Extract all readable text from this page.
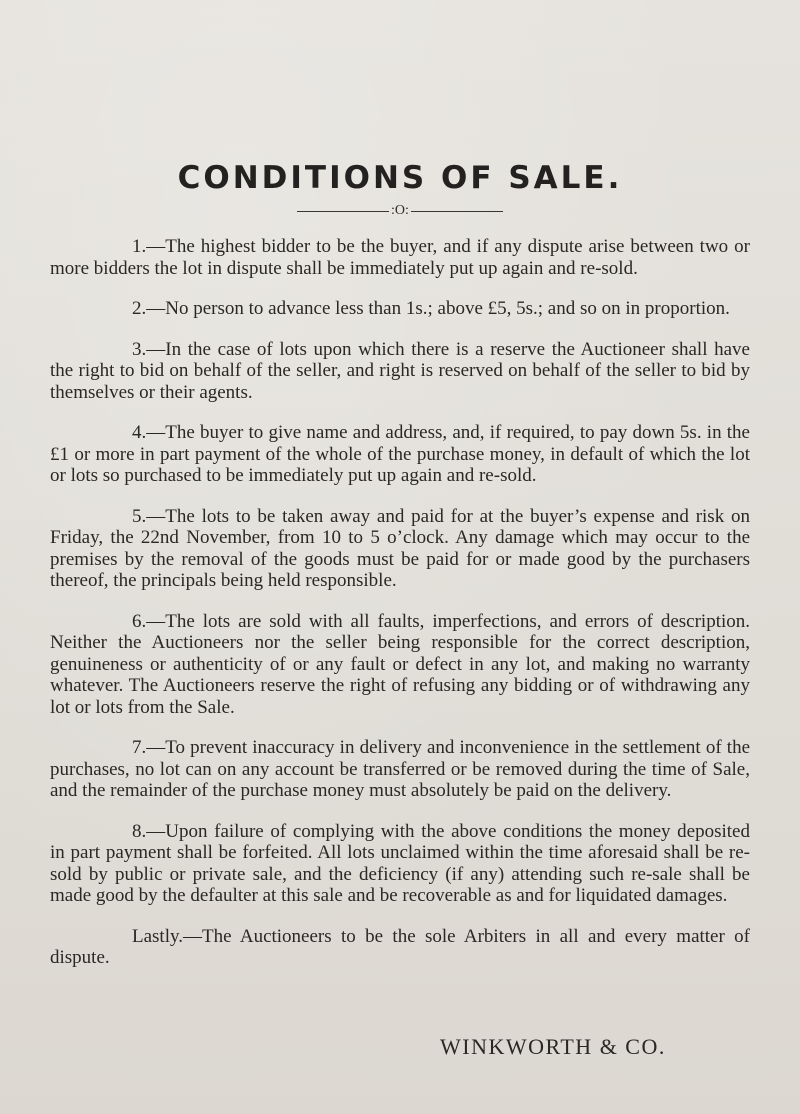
CONDITIONS OF SALE.
:O:

1.—The highest bidder to be the buyer, and if any dispute arise between two or more bidders the lot in dispute shall be immediately put up again and re-sold.

2.—No person to advance less than 1s.; above £5, 5s.; and so on in proportion.

3.—In the case of lots upon which there is a reserve the Auctioneer shall have the right to bid on behalf of the seller, and right is reserved on behalf of the seller to bid by themselves or their agents.

4.—The buyer to give name and address, and, if required, to pay down 5s. in the £1 or more in part payment of the whole of the purchase money, in default of which the lot or lots so purchased to be immediately put up again and re-sold.

5.—The lots to be taken away and paid for at the buyer’s expense and risk on Friday, the 22nd November, from 10 to 5 o’clock. Any damage which may occur to the premises by the removal of the goods must be paid for or made good by the purchasers thereof, the principals being held responsible.

6.—The lots are sold with all faults, imperfections, and errors of description. Neither the Auctioneers nor the seller being responsible for the correct description, genuineness or authenticity of or any fault or defect in any lot, and making no warranty whatever. The Auctioneers reserve the right of refusing any bidding or of withdrawing any lot or lots from the Sale.

7.—To prevent inaccuracy in delivery and inconvenience in the settlement of the purchases, no lot can on any account be transferred or be removed during the time of Sale, and the remainder of the purchase money must absolutely be paid on the delivery.

8.—Upon failure of complying with the above conditions the money deposited in part payment shall be forfeited. All lots unclaimed within the time aforesaid shall be re-sold by public or private sale, and the deficiency (if any) attending such re-sale shall be made good by the defaulter at this sale and be recoverable as and for liquidated damages.

Lastly.—The Auctioneers to be the sole Arbiters in all and every matter of dispute.

WINKWORTH & CO.
